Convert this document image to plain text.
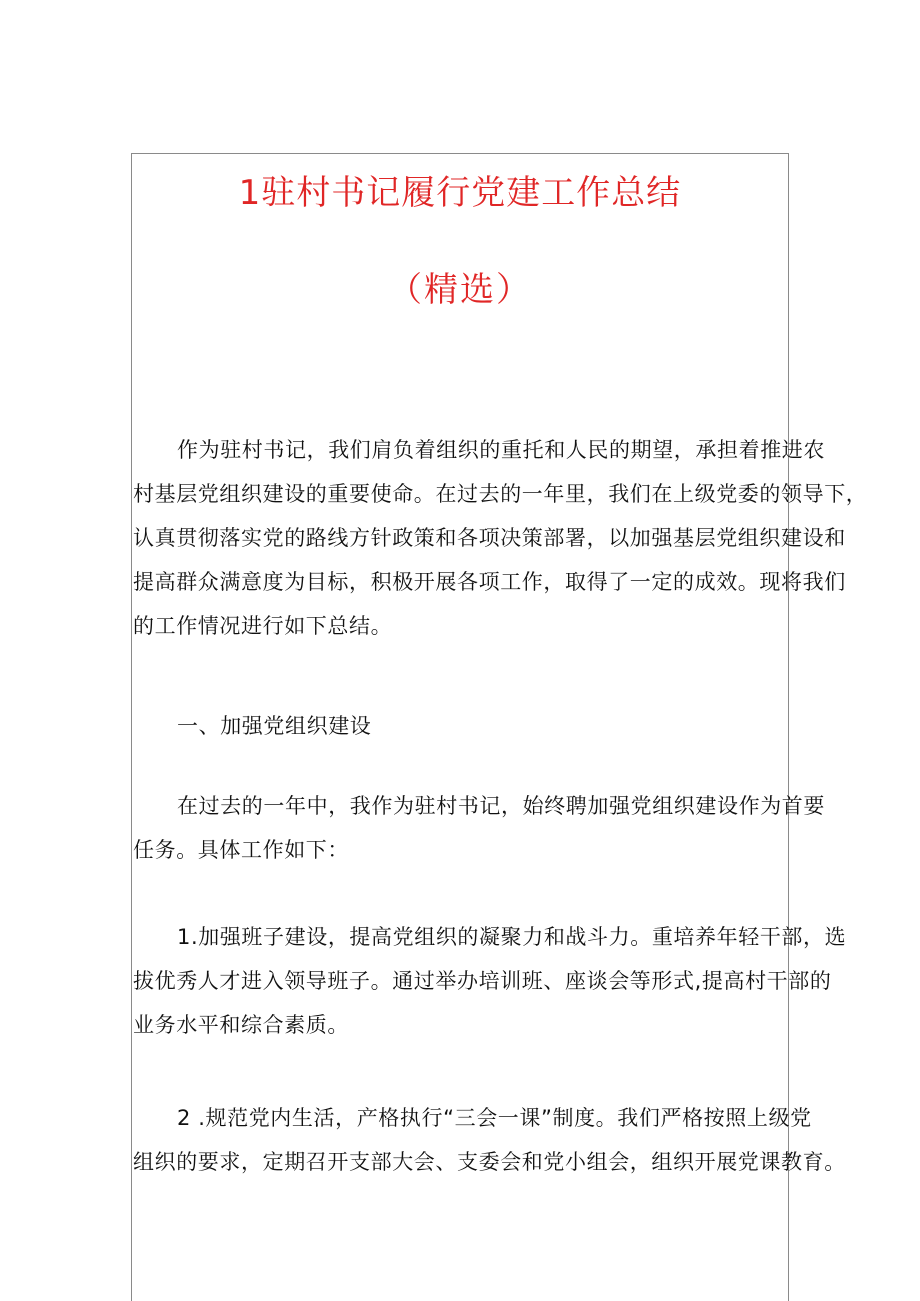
1驻村书记履行党建工作总结
（精选）
作为驻村书记，我们肩负着组织的重托和人民的期望，承担着推进农
村基层党组织建设的重要使命。在过去的一年里，我们在上级党委的领导下，
认真贯彻落实党的路线方针政策和各项决策部署，以加强基层党组织建设和
提高群众满意度为目标，积极开展各项工作，取得了一定的成效。现将我们
的工作情况进行如下总结。
一、加强党组织建设
在过去的一年中，我作为驻村书记，始终聘加强党组织建设作为首要
任务。具体工作如下：
1.加强班子建设，提高党组织的凝聚力和战斗力。重培养年轻干部，选
拔优秀人才进入领导班子。通过举办培训班、座谈会等形式,提高村干部的
业务水平和综合素质。
2 .规范党内生活，产格执行“三会一课”制度。我们严格按照上级党
组织的要求，定期召开支部大会、支委会和党小组会，组织开展党课教育。
